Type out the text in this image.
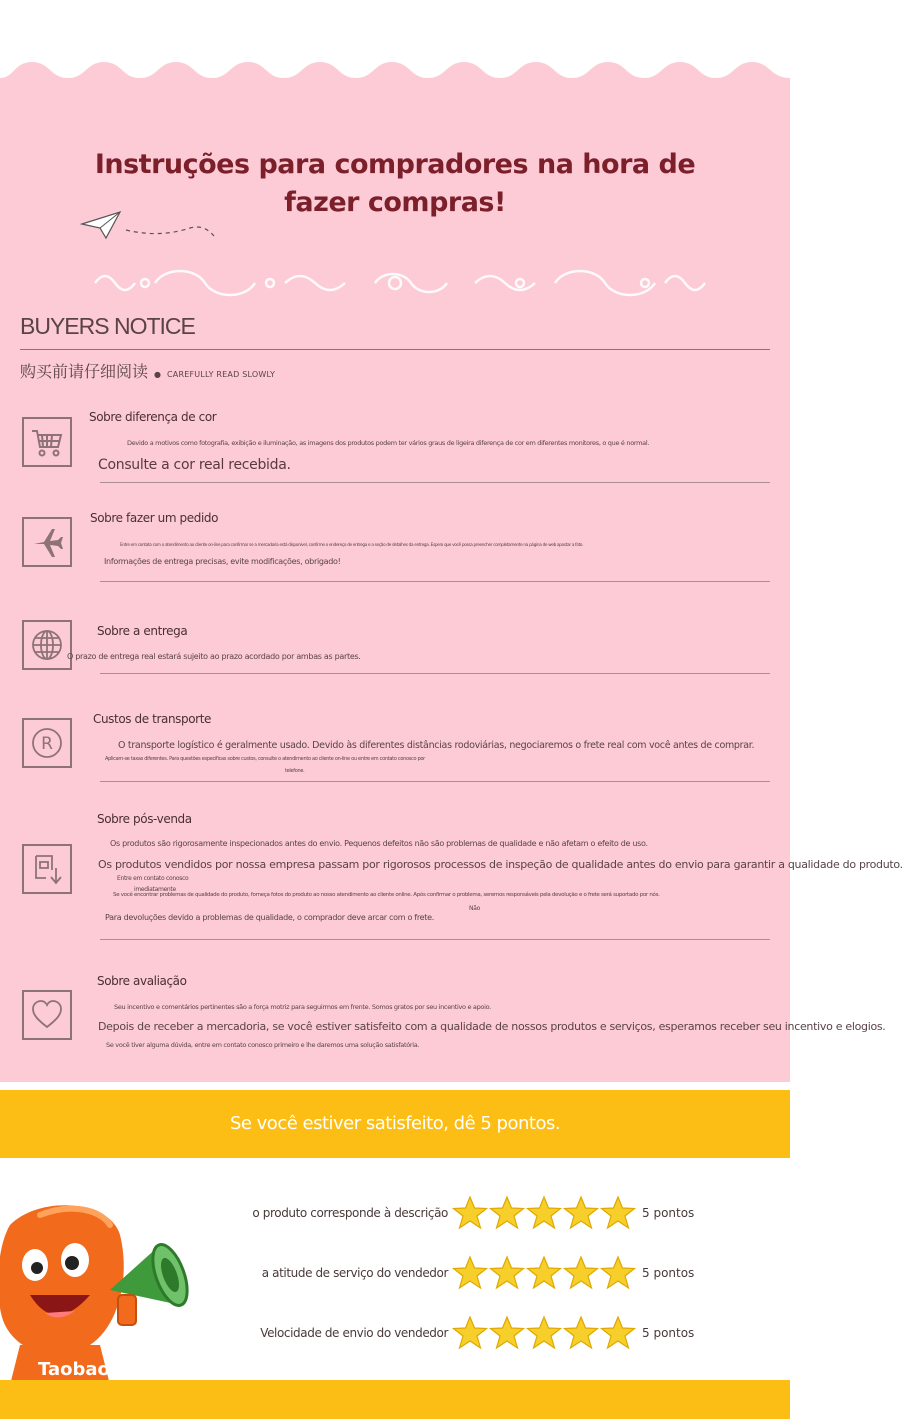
Instruções para compradores na hora de
fazer compras!
BUYERS NOTICE
购买前请仔细阅读 ● CAREFULLY READ SLOWLY
Sobre diferença de cor
Devido a motivos como fotografia, exibição e iluminação, as imagens dos produtos podem ter vários graus de ligeira diferença de cor em diferentes monitores, o que é normal.
Consulte a cor real recebida.
Sobre fazer um pedido
Entre em contato com o atendimento ao cliente on-line para confirmar se a mercadoria está disponível, confirme o endereço de entrega e a seção de detalhes da entrega. Espero que você possa preencher completamente na página de web apostar a foto.
Informações de entrega precisas, evite modificações, obrigado!
Sobre a entrega
O prazo de entrega real estará sujeito ao prazo acordado por ambas as partes.
R
Custos de transporte
O transporte logístico é geralmente usado. Devido às diferentes distâncias rodoviárias, negociaremos o frete real com você antes de comprar.
Aplicam-se taxas diferentes. Para questões específicas sobre custos, consulte o atendimento ao cliente on-line ou entre em contato conosco por
telefone.
Sobre pós-venda
Os produtos são rigorosamente inspecionados antes do envio. Pequenos defeitos não são problemas de qualidade e não afetam o efeito de uso.
Os produtos vendidos por nossa empresa passam por rigorosos processos de inspeção de qualidade antes do envio para garantir a qualidade do produto.
Entre em contato conosco
imediatamente
Se você encontrar problemas de qualidade do produto, forneça fotos do produto ao nosso atendimento ao cliente online. Após confirmar o problema, seremos responsáveis pela devolução e o frete será suportado por nós.
Não
Para devoluções devido a problemas de qualidade, o comprador deve arcar com o frete.
Sobre avaliação
Seu incentivo e comentários pertinentes são a força motriz para seguirmos em frente. Somos gratos por seu incentivo e apoio.
Depois de receber a mercadoria, se você estiver satisfeito com a qualidade de nossos produtos e serviços, esperamos receber seu incentivo e elogios.
Se você tiver alguma dúvida, entre em contato conosco primeiro e lhe daremos uma solução satisfatória.
Se você estiver satisfeito, dê 5 pontos.
Taobao
o produto corresponde à descrição	5 pontos
a atitude de serviço do vendedor	5 pontos
Velocidade de envio do vendedor	5 pontos
